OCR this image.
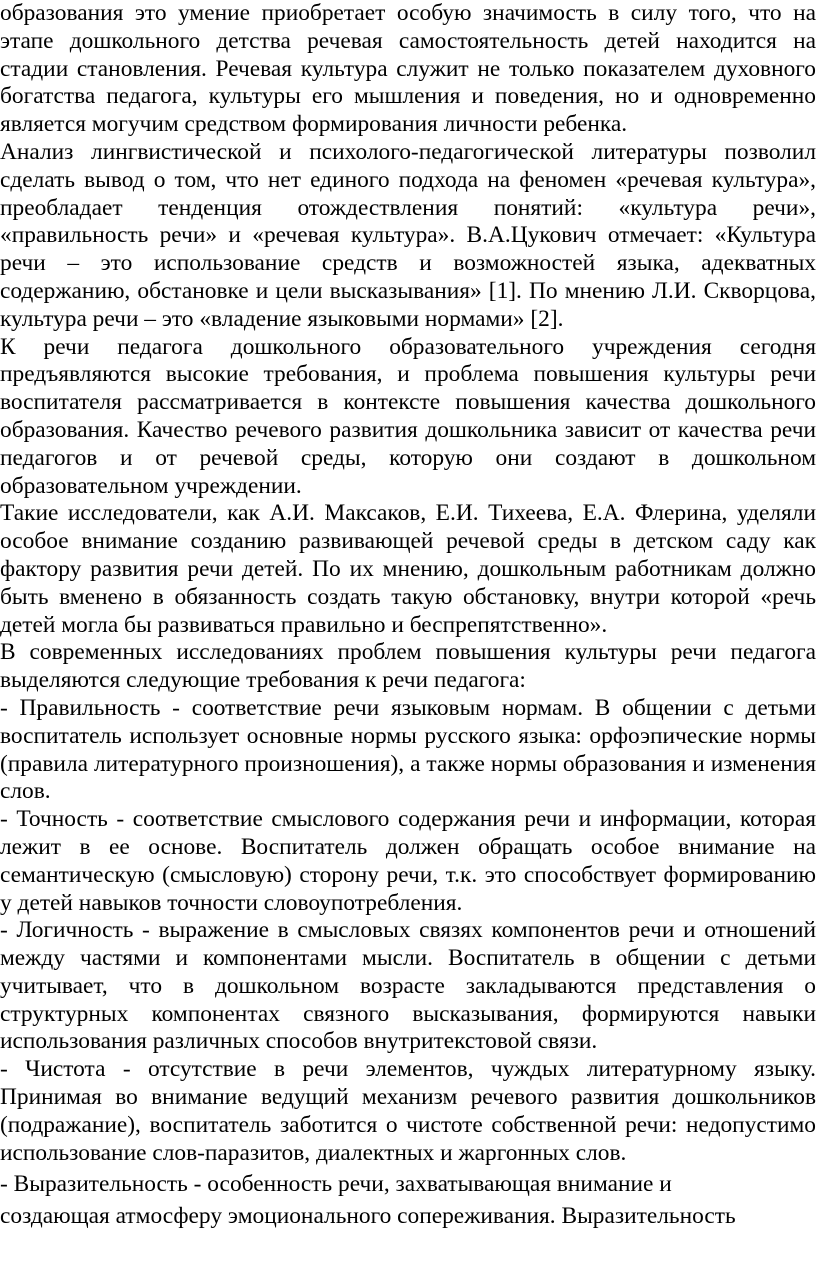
образования это умение приобретает особую значимость в силу того, что на этапе дошкольного детства речевая самостоятельность детей находится на стадии становления. Речевая культура служит не только показателем духовного богатства педагога, культуры его мышления и поведения, но и одновременно является могучим средством формирования личности ребенка.

Анализ лингвистической и психолого-педагогической литературы позволил сделать вывод о том, что нет единого подхода на феномен «речевая культура», преобладает тенденция отождествления понятий: «культура речи», «правильность речи» и «речевая культура». В.А.Цукович отмечает: «Культура речи – это использование средств и возможностей языка, адекватных содержанию, обстановке и цели высказывания» [1]. По мнению Л.И. Скворцова, культура речи – это «владение языковыми нормами» [2].

К речи педагога дошкольного образовательного учреждения сегодня предъявляются высокие требования, и проблема повышения культуры речи воспитателя рассматривается в контексте повышения качества дошкольного образования. Качество речевого развития дошкольника зависит от качества речи педагогов и от речевой среды, которую они создают в дошкольном образовательном учреждении.

Такие исследователи, как А.И. Максаков, Е.И. Тихеева, Е.А. Флерина, уделяли особое внимание созданию развивающей речевой среды в детском саду как фактору развития речи детей. По их мнению, дошкольным работникам должно быть вменено в обязанность создать такую обстановку, внутри которой «речь детей могла бы развиваться правильно и беспрепятственно».

В современных исследованиях проблем повышения культуры речи педагога выделяются следующие требования к речи педагога:

- Правильность - соответствие речи языковым нормам. В общении с детьми воспитатель использует основные нормы русского языка: орфоэпические нормы (правила литературного произношения), а также нормы образования и изменения слов.

- Точность - соответствие смыслового содержания речи и информации, которая лежит в ее основе. Воспитатель должен обращать особое внимание на семантическую (смысловую) сторону речи, т.к. это способствует формированию у детей навыков точности словоупотребления.

- Логичность - выражение в смысловых связях компонентов речи и отношений между частями и компонентами мысли. Воспитатель в общении с детьми учитывает, что в дошкольном возрасте закладываются представления о структурных компонентах связного высказывания, формируются навыки использования различных способов внутритекстовой связи.

- Чистота - отсутствие в речи элементов, чуждых литературному языку. Принимая во внимание ведущий механизм речевого развития дошкольников (подражание), воспитатель заботится о чистоте собственной речи: недопустимо использование слов-паразитов, диалектных и жаргонных слов.

- Выразительность - особенность речи, захватывающая внимание и

создающая атмосферу эмоционального сопереживания. Выразительность
